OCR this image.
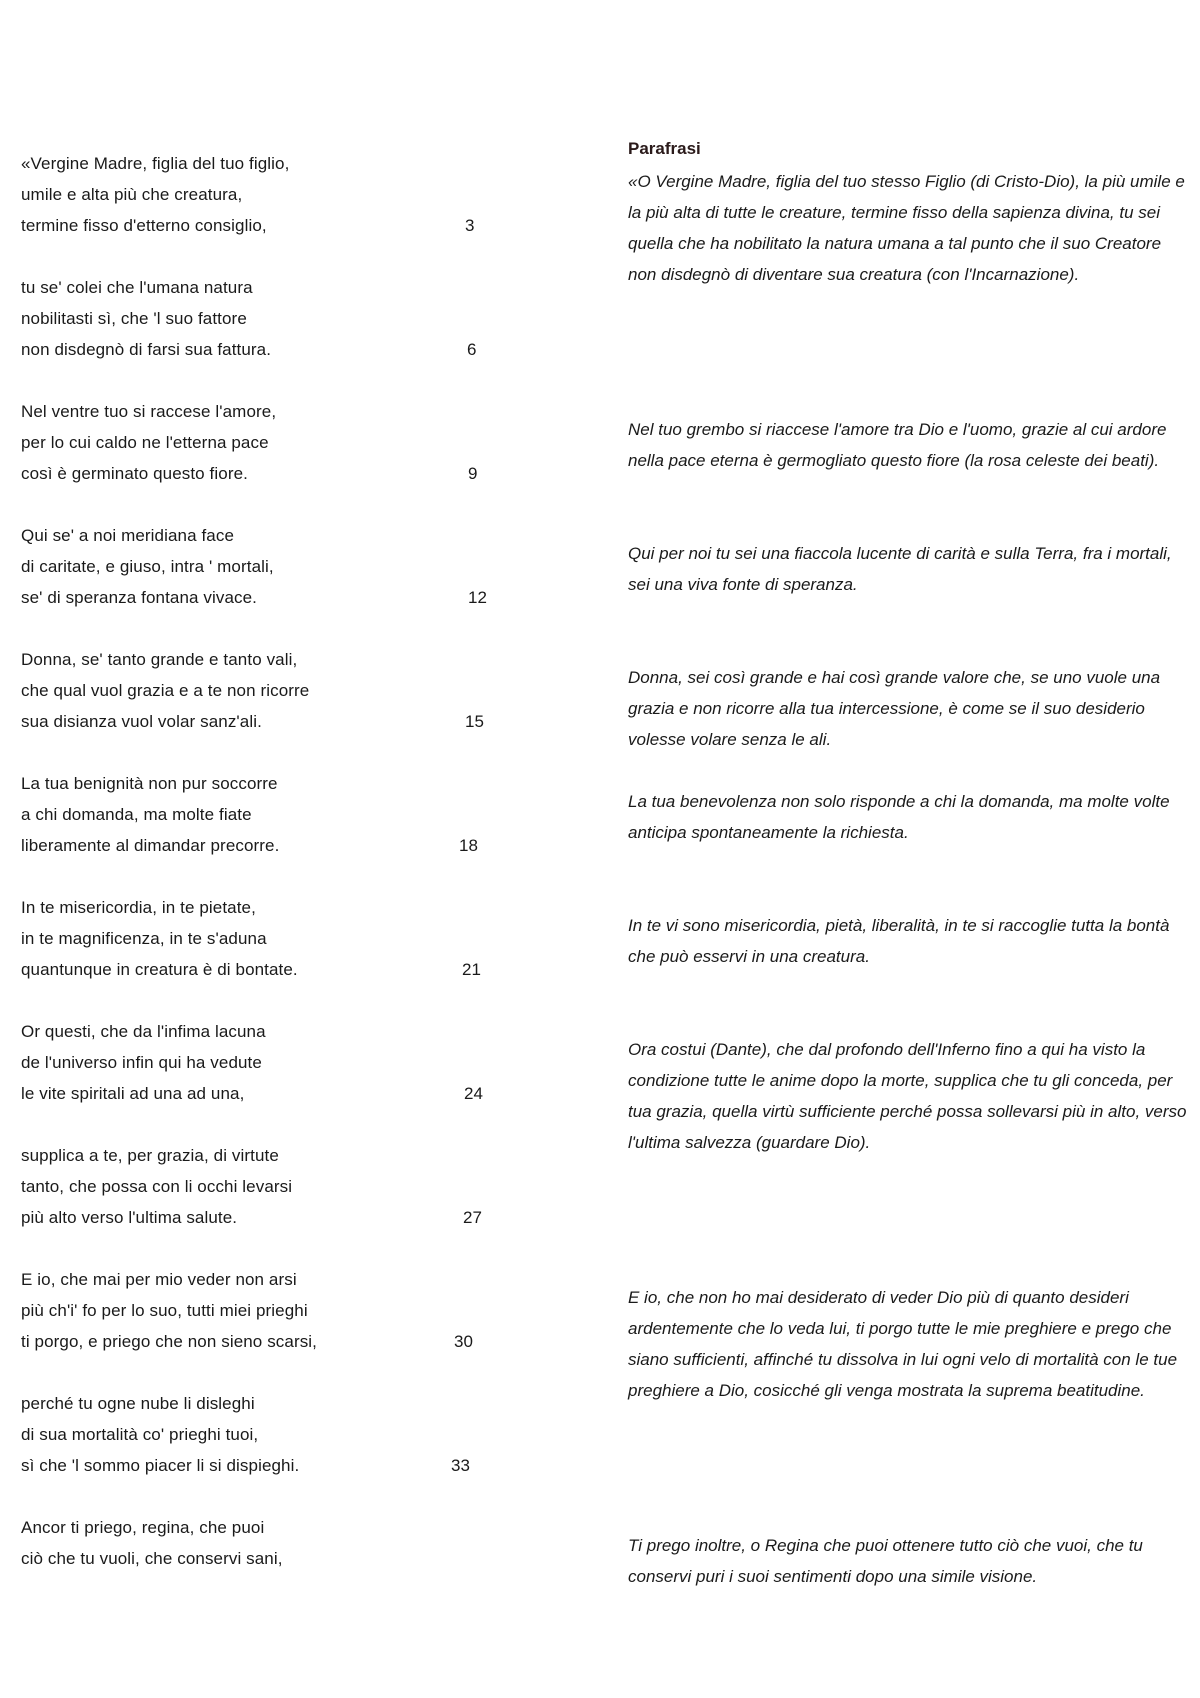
«Vergine Madre, figlia del tuo figlio,
umile e alta più che creatura,
termine fisso d'etterno consiglio,	3
tu se' colei che l'umana natura
nobilitasti sì, che 'l suo fattore
non disdegnò di farsi sua fattura.	6
Nel ventre tuo si raccese l'amore,
per lo cui caldo ne l'etterna pace
così è germinato questo fiore.	9
Qui se' a noi meridiana face
di caritate, e giuso, intra ' mortali,
se' di speranza fontana vivace.	12
Donna, se' tanto grande e tanto vali,
che qual vuol grazia e a te non ricorre
sua disianza vuol volar sanz'ali.	15
La tua benignità non pur soccorre
a chi domanda, ma molte fiate
liberamente al dimandar precorre.	18
In te misericordia, in te pietate,
in te magnificenza, in te s'aduna
quantunque in creatura è di bontate.	21
Or questi, che da l'infima lacuna
de l'universo infin qui ha vedute
le vite spiritali ad una ad una,	24
supplica a te, per grazia, di virtute
tanto, che possa con li occhi levarsi
più alto verso l'ultima salute.	27
E io, che mai per mio veder non arsi
più ch'i' fo per lo suo, tutti miei prieghi
ti porgo, e priego che non sieno scarsi,	30
perché tu ogne nube li disleghi
di sua mortalità co' prieghi tuoi,
sì che 'l sommo piacer li si dispieghi.	33
Ancor ti priego, regina, che puoi
ciò che tu vuoli, che conservi sani,
Parafrasi
«O Vergine Madre, figlia del tuo stesso Figlio (di Cristo-Dio), la più umile e la più alta di tutte le creature, termine fisso della sapienza divina, tu sei quella che ha nobilitato la natura umana a tal punto che il suo Creatore non disdegnò di diventare sua creatura (con l'Incarnazione).
Nel tuo grembo si riaccese l'amore tra Dio e l'uomo, grazie al cui ardore nella pace eterna è germogliato questo fiore (la rosa celeste dei beati).
Qui per noi tu sei una fiaccola lucente di carità e sulla Terra, fra i mortali, sei una viva fonte di speranza.
Donna, sei così grande e hai così grande valore che, se uno vuole una grazia e non ricorre alla tua intercessione, è come se il suo desiderio volesse volare senza le ali.
La tua benevolenza non solo risponde a chi la domanda, ma molte volte anticipa spontaneamente la richiesta.
In te vi sono misericordia, pietà, liberalità, in te si raccoglie tutta la bontà che può esservi in una creatura.
Ora costui (Dante), che dal profondo dell'Inferno fino a qui ha visto la condizione tutte le anime dopo la morte, supplica che tu gli conceda, per tua grazia, quella virtù sufficiente perché possa sollevarsi più in alto, verso l'ultima salvezza (guardare Dio).
E io, che non ho mai desiderato di veder Dio più di quanto desideri ardentemente che lo veda lui, ti porgo tutte le mie preghiere e prego che siano sufficienti, affinché tu dissolva in lui ogni velo di mortalità con le tue preghiere a Dio, cosicché gli venga mostrata la suprema beatitudine.
Ti prego inoltre, o Regina che puoi ottenere tutto ciò che vuoi, che tu conservi puri i suoi sentimenti dopo una simile visione.
